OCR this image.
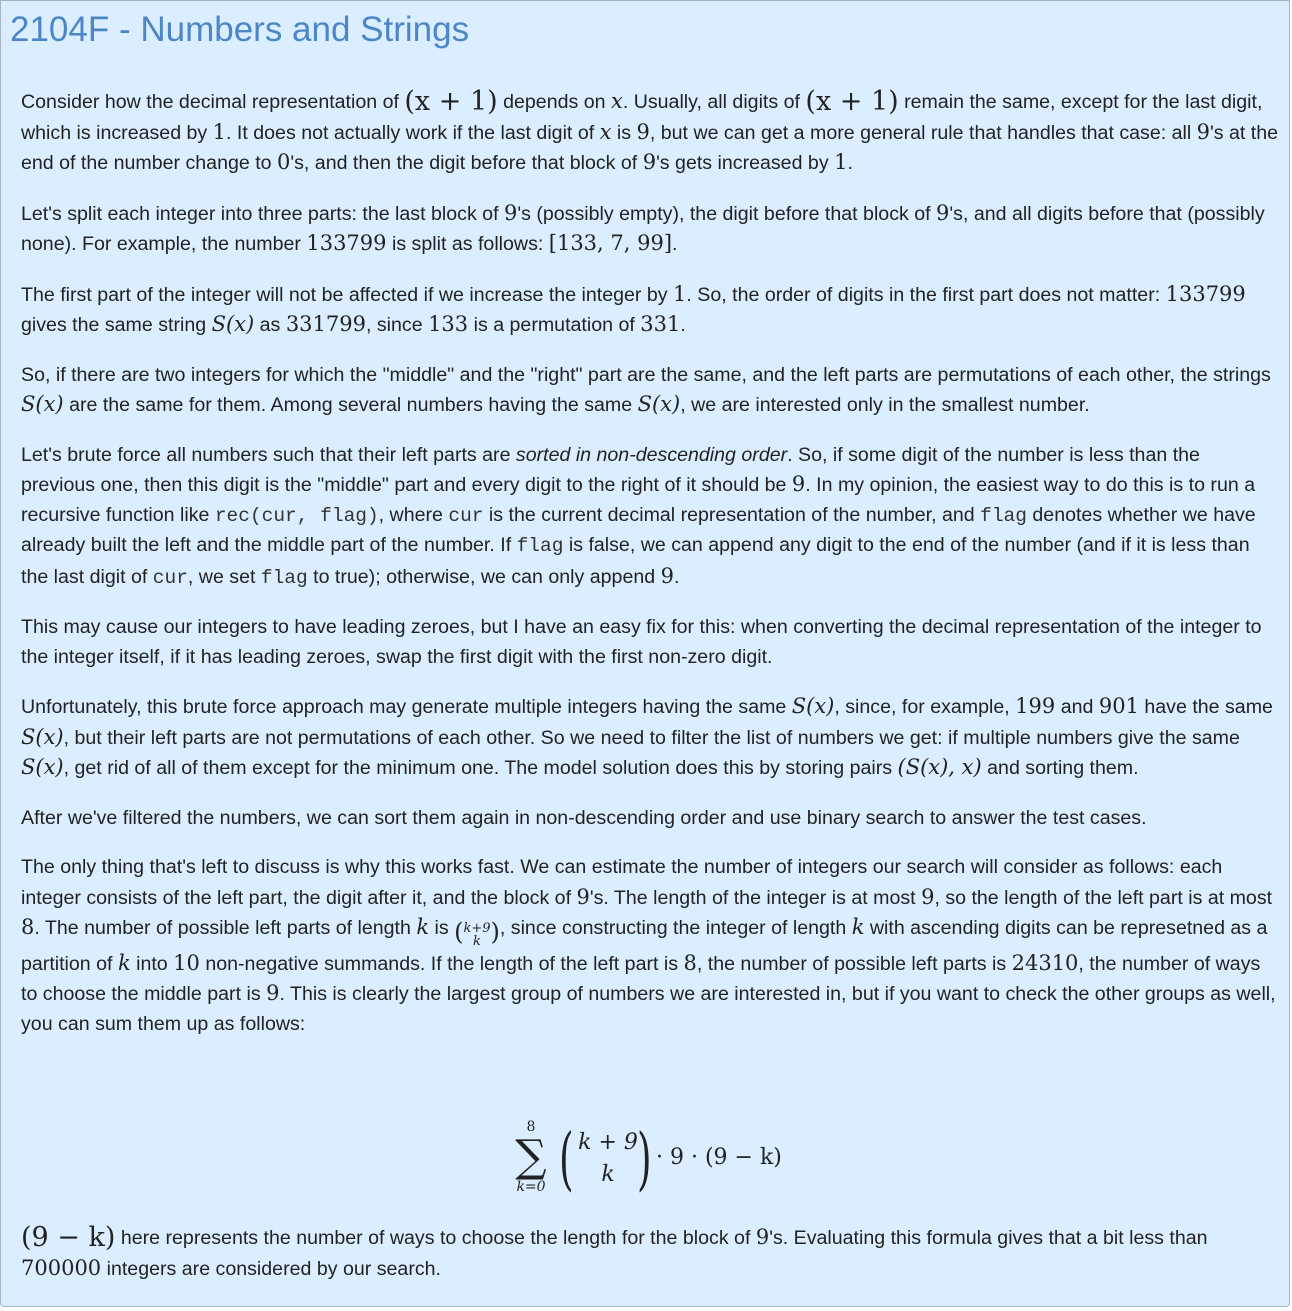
2104F - Numbers and Strings

Consider how the decimal representation of (x + 1) depends on x. Usually, all digits of (x + 1) remain the same, except for the last digit, which is increased by 1. It does not actually work if the last digit of x is 9, but we can get a more general rule that handles that case: all 9's at the end of the number change to 0's, and then the digit before that block of 9's gets increased by 1.

Let's split each integer into three parts: the last block of 9's (possibly empty), the digit before that block of 9's, and all digits before that (possibly none). For example, the number 133799 is split as follows: [133, 7, 99].

The first part of the integer will not be affected if we increase the integer by 1. So, the order of digits in the first part does not matter: 133799 gives the same string S(x) as 331799, since 133 is a permutation of 331.

So, if there are two integers for which the "middle" and the "right" part are the same, and the left parts are permutations of each other, the strings S(x) are the same for them. Among several numbers having the same S(x), we are interested only in the smallest number.

Let's brute force all numbers such that their left parts are sorted in non-descending order. So, if some digit of the number is less than the previous one, then this digit is the "middle" part and every digit to the right of it should be 9. In my opinion, the easiest way to do this is to run a recursive function like rec(cur, flag), where cur is the current decimal representation of the number, and flag denotes whether we have already built the left and the middle part of the number. If flag is false, we can append any digit to the end of the number (and if it is less than the last digit of cur, we set flag to true); otherwise, we can only append 9.

This may cause our integers to have leading zeroes, but I have an easy fix for this: when converting the decimal representation of the integer to the integer itself, if it has leading zeroes, swap the first digit with the first non-zero digit.

Unfortunately, this brute force approach may generate multiple integers having the same S(x), since, for example, 199 and 901 have the same S(x), but their left parts are not permutations of each other. So we need to filter the list of numbers we get: if multiple numbers give the same S(x), get rid of all of them except for the minimum one. The model solution does this by storing pairs (S(x), x) and sorting them.

After we've filtered the numbers, we can sort them again in non-descending order and use binary search to answer the test cases.

The only thing that's left to discuss is why this works fast. We can estimate the number of integers our search will consider as follows: each integer consists of the left part, the digit after it, and the block of 9's. The length of the integer is at most 9, so the length of the left part is at most 8. The number of possible left parts of length k is (k+9
k ), since constructing the integer of length k with ascending digits can be represetned as a partition of k into 10 non-negative summands. If the length of the left part is 8, the number of possible left parts is 24310, the number of ways to choose the middle part is 9. This is clearly the largest group of numbers we are interested in, but if you want to check the other groups as well, you can sum them up as follows:

8
∑
k=0 ( k + 9
k ) · 9 · (9 − k)

(9 − k) here represents the number of ways to choose the length for the block of 9's. Evaluating this formula gives that a bit less than 700000 integers are considered by our search.
